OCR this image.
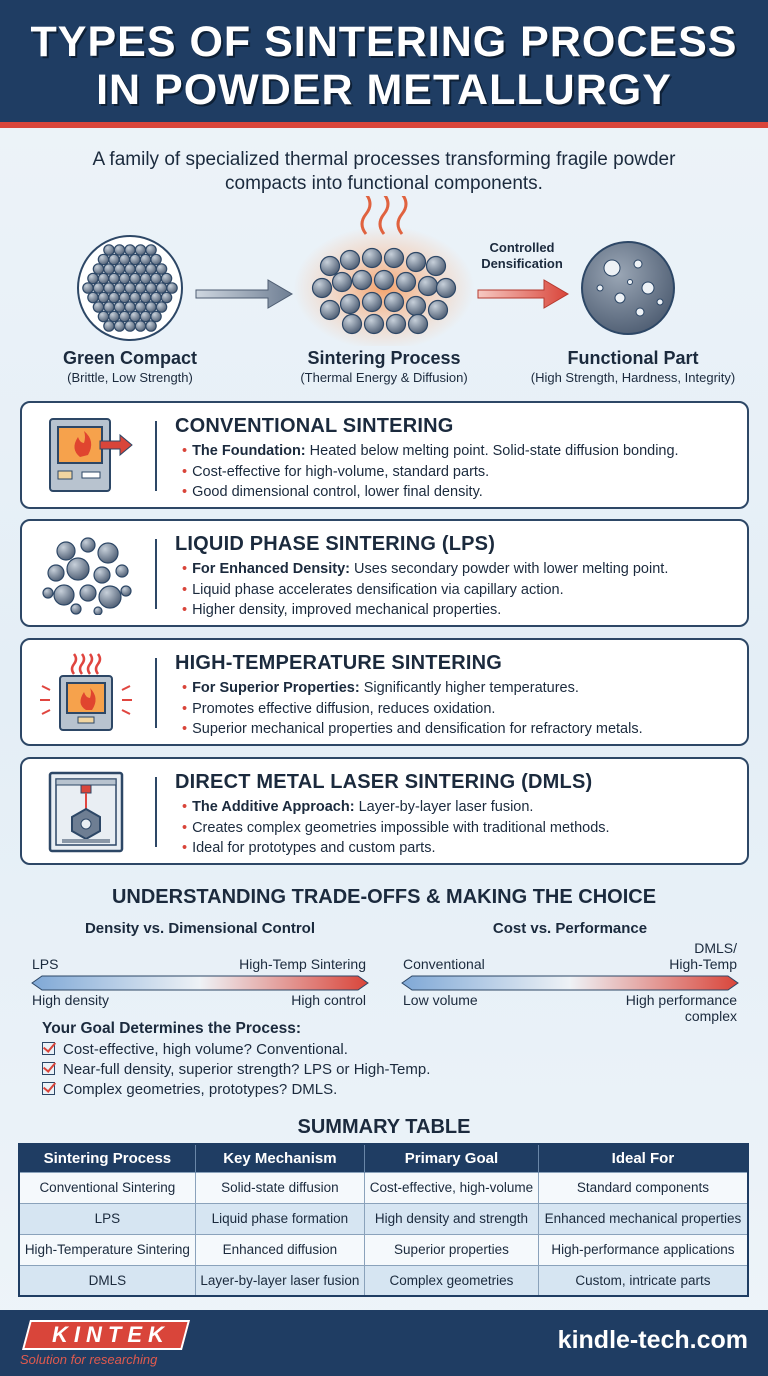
TYPES OF SINTERING PROCESS
IN POWDER METALLURGY
A family of specialized thermal processes transforming fragile powder compacts into functional components.
Controlled Densification
Green Compact
(Brittle, Low Strength)
Sintering Process
(Thermal Energy & Diffusion)
Functional Part
(High Strength, Hardness, Integrity)
CONVENTIONAL SINTERING
• The Foundation: Heated below melting point. Solid-state diffusion bonding.
• Cost-effective for high-volume, standard parts.
• Good dimensional control, lower final density.
LIQUID PHASE SINTERING (LPS)
• For Enhanced Density: Uses secondary powder with lower melting point.
• Liquid phase accelerates densification via capillary action.
• Higher density, improved mechanical properties.
HIGH-TEMPERATURE SINTERING
• For Superior Properties: Significantly higher temperatures.
• Promotes effective diffusion, reduces oxidation.
• Superior mechanical properties and densification for refractory metals.
DIRECT METAL LASER SINTERING (DMLS)
• The Additive Approach: Layer-by-layer laser fusion.
• Creates complex geometries impossible with traditional methods.
• Ideal for prototypes and custom parts.
UNDERSTANDING TRADE-OFFS & MAKING THE CHOICE
Density vs. Dimensional Control
LPS	High-Temp Sintering
High density	High control
Cost vs. Performance
Conventional
DMLS/
High-Temp
Low volume	High performance
complex
Your Goal Determines the Process:
Cost-effective, high volume? Conventional.
Near-full density, superior strength? LPS or High-Temp.
Complex geometries, prototypes? DMLS.
SUMMARY TABLE
Sintering Process	Key Mechanism	Primary Goal	Ideal For
Conventional Sintering	Solid-state diffusion	Cost-effective, high-volume	Standard components
LPS	Liquid phase formation	High density and strength	Enhanced mechanical properties
High-Temperature Sintering	Enhanced diffusion	Superior properties	High-performance applications
DMLS	Layer-by-layer laser fusion	Complex geometries	Custom, intricate parts
KINTEK
Solution for researching
kindle-tech.com
